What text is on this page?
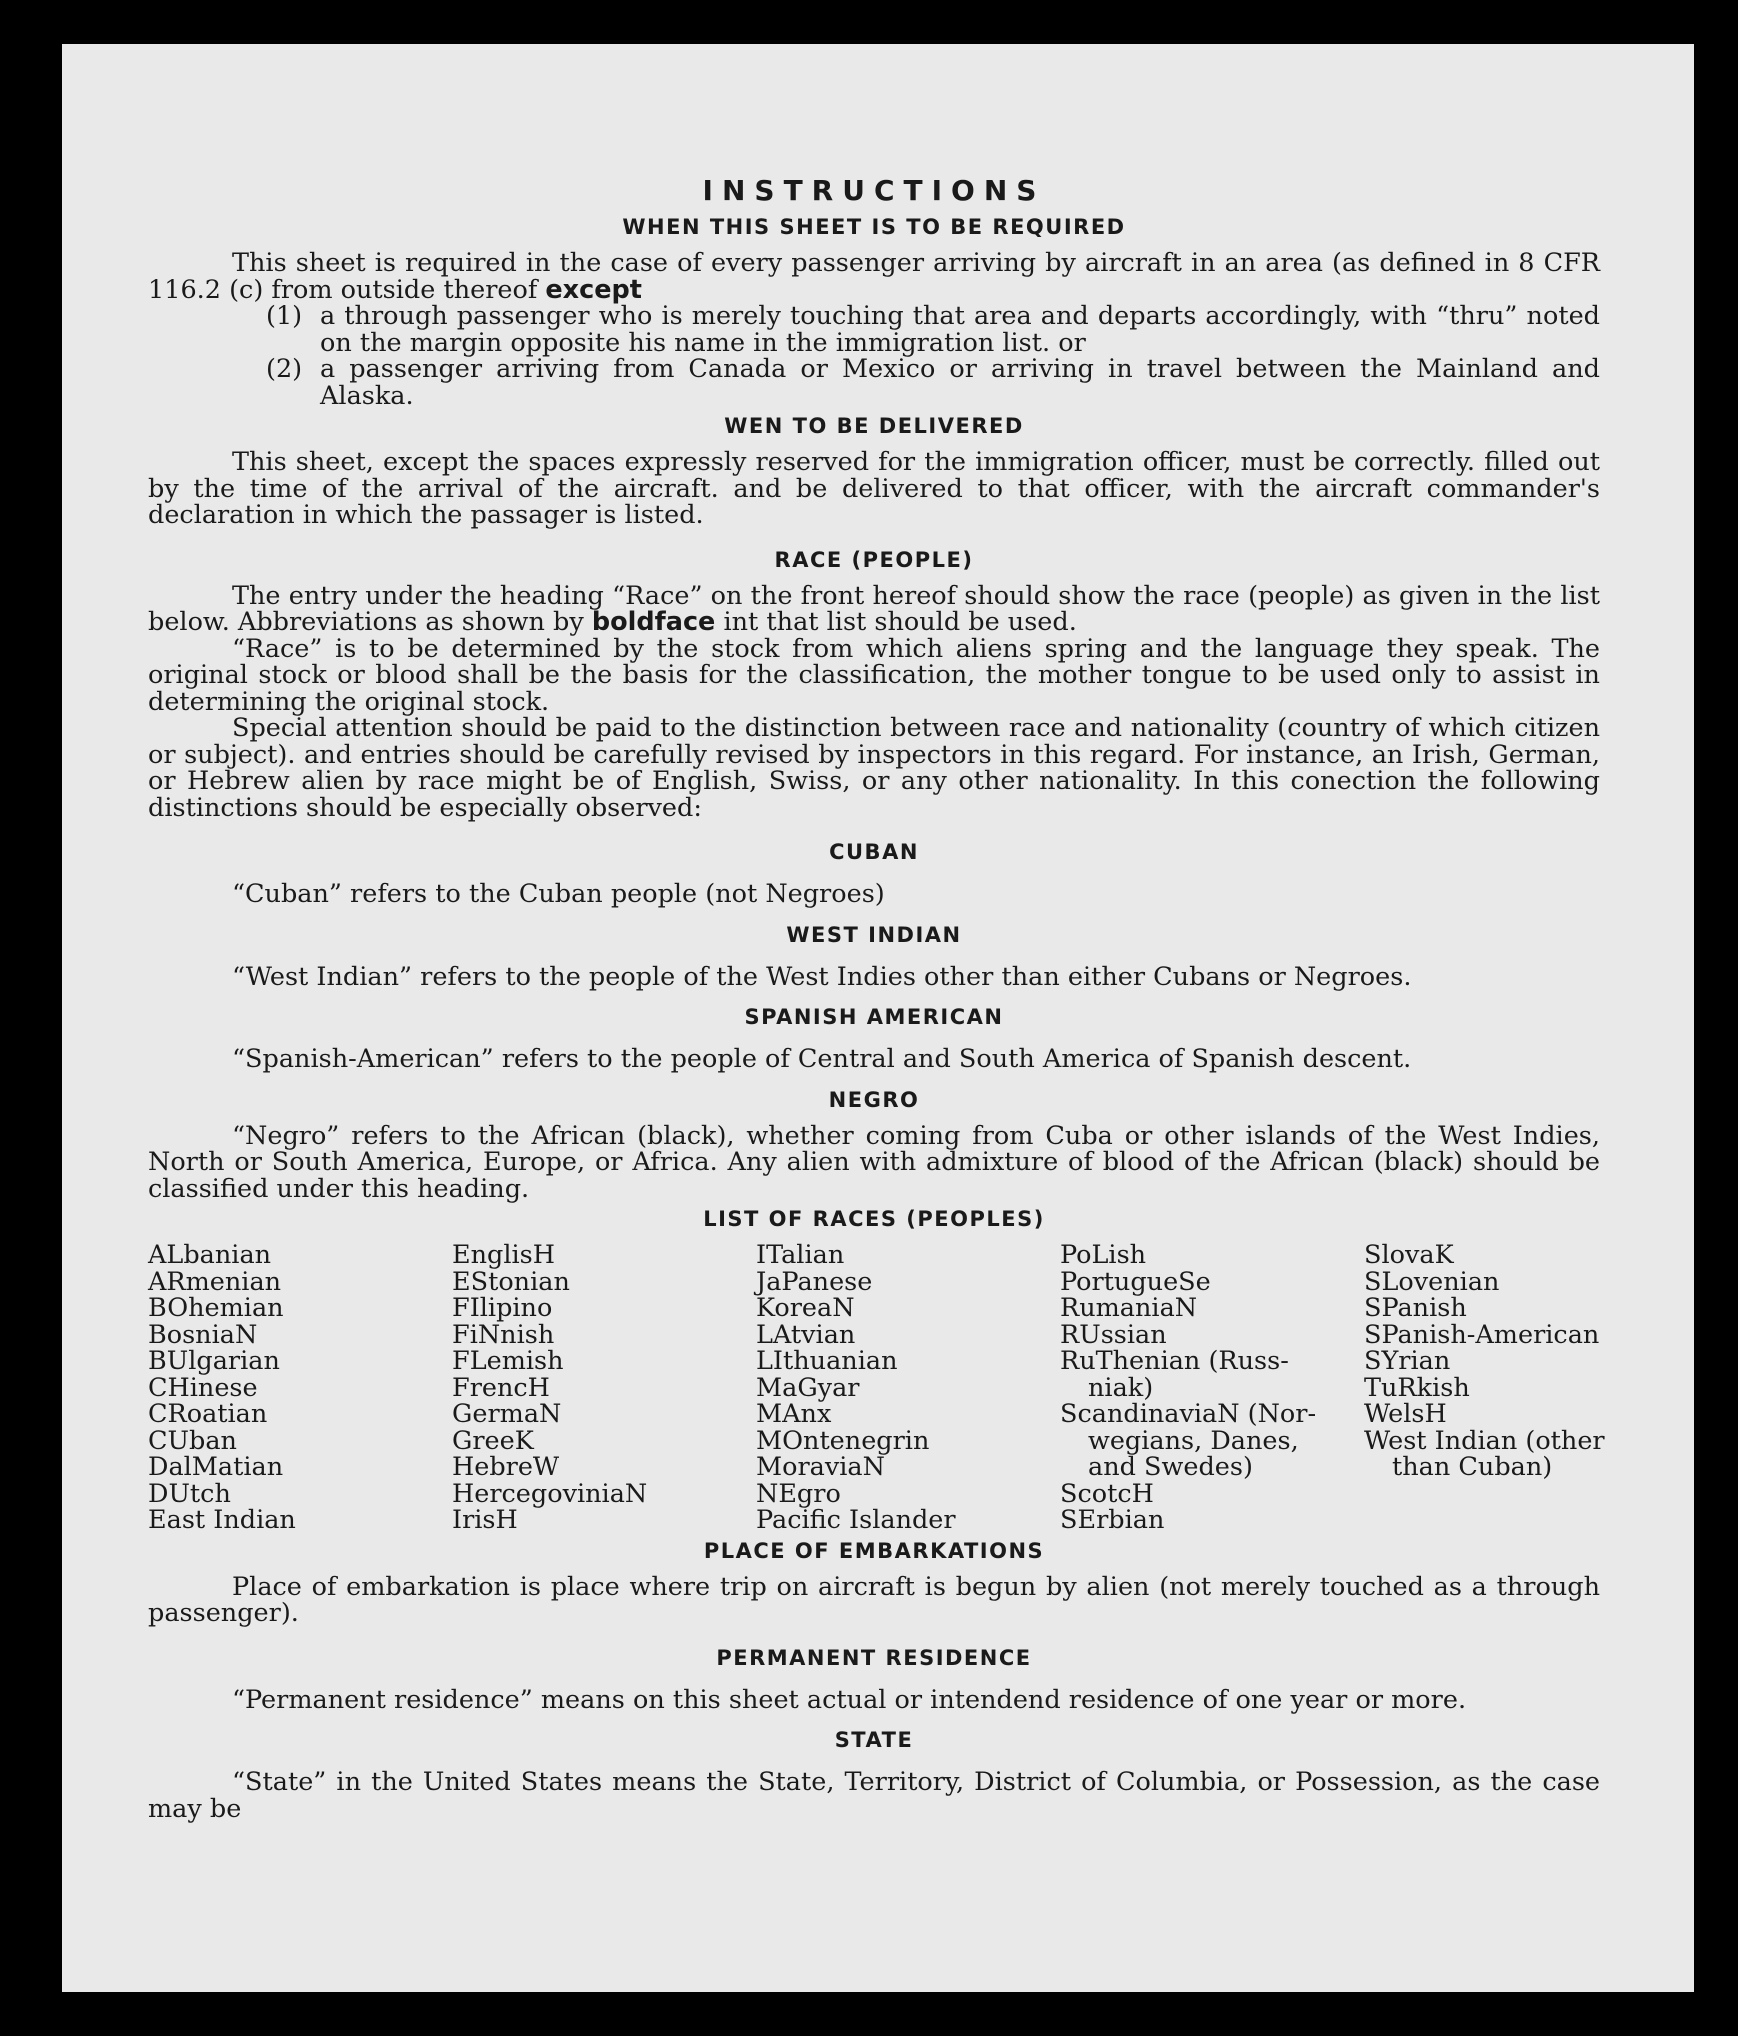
INSTRUCTIONS
WHEN THIS SHEET IS TO BE REQUIRED

This sheet is required in the case of every passenger arriving by aircraft in an area (as defined in 8 CFR 116.2 (c) from outside thereof except

(1) a through passenger who is merely touching that area and departs accordingly, with “thru” noted on the margin opposite his name in the immigration list. or
(2) a passenger arriving from Canada or Mexico or arriving in travel between the Mainland and Alaska.
WEN TO BE DELIVERED

This sheet, except the spaces expressly reserved for the immigration officer, must be correctly. filled out by the time of the arrival of the aircraft. and be delivered to that officer, with the aircraft commander's declaration in which the passager is listed.

RACE (PEOPLE)

The entry under the heading “Race” on the front hereof should show the race (people) as given in the list below. Abbreviations as shown by boldface int that list should be used.

“Race” is to be determined by the stock from which aliens spring and the language they speak. The original stock or blood shall be the basis for the classification, the mother tongue to be used only to assist in determining the original stock.

Special attention should be paid to the distinction between race and nationality (country of which citizen or subject). and entries should be carefully revised by inspectors in this regard. For instance, an Irish, German, or Hebrew alien by race might be of English, Swiss, or any other nationality. In this conection the following distinctions should be especially observed:

CUBAN

“Cuban” refers to the Cuban people (not Negroes)

WEST INDIAN

“West Indian” refers to the people of the West Indies other than either Cubans or Negroes.

SPANISH AMERICAN

“Spanish-American” refers to the people of Central and South America of Spanish descent.

NEGRO

“Negro” refers to the African (black), whether coming from Cuba or other islands of the West Indies, North or South America, Europe, or Africa. Any alien with admixture of blood of the African (black) should be classified under this heading.

LIST OF RACES (PEOPLES)
ALbanian
ARmenian
BOhemian
BosniaN
BUlgarian
CHinese
CRoatian
CUban
DalMatian
DUtch
East Indian
EnglisH
EStonian
FIlipino
FiNnish
FLemish
FrencH
GermaN
GreeK
HebreW
HercegoviniaN
IrisH
ITalian
JaPanese
KoreaN
LAtvian
LIthuanian
MaGyar
MAnx
MOntenegrin
MoraviaN
NEgro
Pacific Islander
PoLish
PortugueSe
RumaniaN
RUssian
RuThenian (Russ-
niak)
ScandinaviaN (Nor-
wegians, Danes,
and Swedes)
ScotcH
SErbian
SlovaK
SLovenian
SPanish
SPanish-American
SYrian
TuRkish
WelsH
West Indian (other
than Cuban)
PLACE OF EMBARKATIONS

Place of embarkation is place where trip on aircraft is begun by alien (not merely touched as a through passenger).

PERMANENT RESIDENCE

“Permanent residence” means on this sheet actual or intendend residence of one year or more.

STATE

“State” in the United States means the State, Territory, District of Columbia, or Possession, as the case may be
